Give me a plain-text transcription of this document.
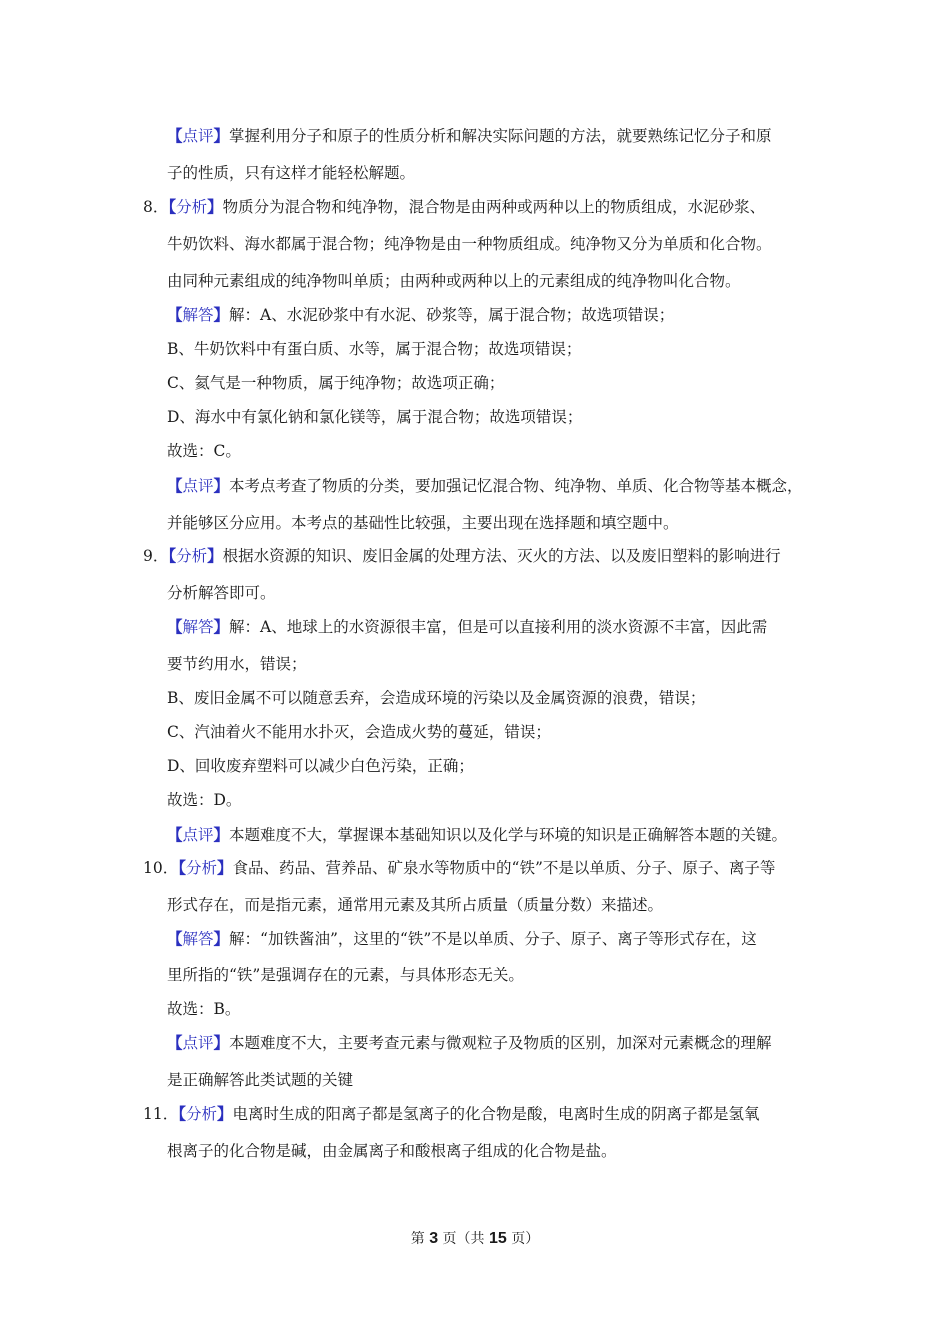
【点评】掌握利用分子和原子的性质分析和解决实际问题的方法，就要熟练记忆分子和原
子的性质，只有这样才能轻松解题。
8．【分析】物质分为混合物和纯净物，混合物是由两种或两种以上的物质组成，水泥砂浆、
牛奶饮料、海水都属于混合物；纯净物是由一种物质组成。纯净物又分为单质和化合物。
由同种元素组成的纯净物叫单质；由两种或两种以上的元素组成的纯净物叫化合物。
【解答】解：A、水泥砂浆中有水泥、砂浆等，属于混合物；故选项错误；
B、牛奶饮料中有蛋白质、水等，属于混合物；故选项错误；
C、氦气是一种物质，属于纯净物；故选项正确；
D、海水中有氯化钠和氯化镁等，属于混合物；故选项错误；
故选：C。
【点评】本考点考查了物质的分类，要加强记忆混合物、纯净物、单质、化合物等基本概念，
并能够区分应用。本考点的基础性比较强，主要出现在选择题和填空题中。
9．【分析】根据水资源的知识、废旧金属的处理方法、灭火的方法、以及废旧塑料的影响进行
分析解答即可。
【解答】解：A、地球上的水资源很丰富，但是可以直接利用的淡水资源不丰富，因此需
要节约用水，错误；
B、废旧金属不可以随意丢弃，会造成环境的污染以及金属资源的浪费，错误；
C、汽油着火不能用水扑灭，会造成火势的蔓延，错误；
D、回收废弃塑料可以减少白色污染，正确；
故选：D。
【点评】本题难度不大，掌握课本基础知识以及化学与环境的知识是正确解答本题的关键。
10．【分析】食品、药品、营养品、矿泉水等物质中的“铁”不是以单质、分子、原子、离子等
形式存在，而是指元素，通常用元素及其所占质量（质量分数）来描述。
【解答】解：“加铁酱油”，这里的“铁”不是以单质、分子、原子、离子等形式存在，这
里所指的“铁”是强调存在的元素，与具体形态无关。
故选：B。
【点评】本题难度不大，主要考查元素与微观粒子及物质的区别，加深对元素概念的理解
是正确解答此类试题的关键
11．【分析】电离时生成的阳离子都是氢离子的化合物是酸，电离时生成的阴离子都是氢氧
根离子的化合物是碱，由金属离子和酸根离子组成的化合物是盐。
第 3 页（共 15 页）
